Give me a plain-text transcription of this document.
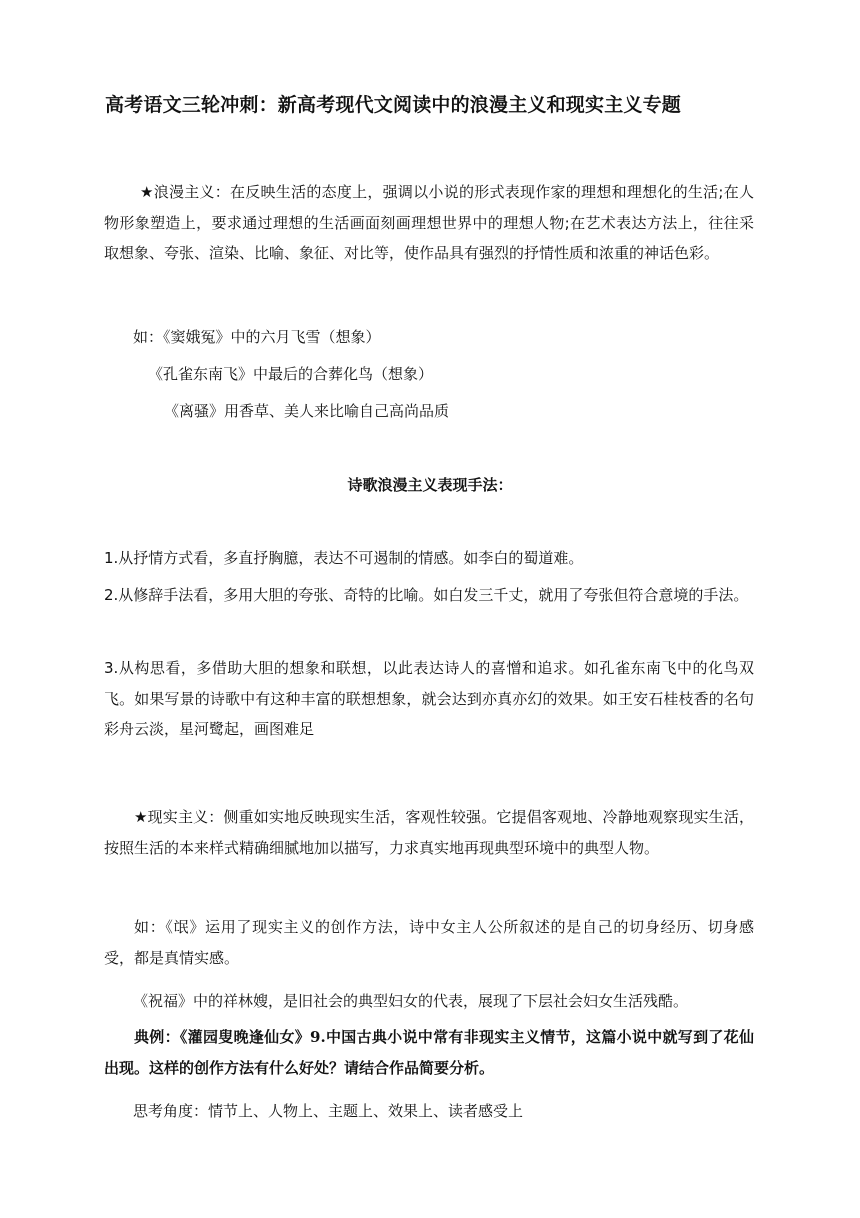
高考语文三轮冲刺：新高考现代文阅读中的浪漫主义和现实主义专题

★浪漫主义：在反映生活的态度上，强调以小说的形式表现作家的理想和理想化的生活;在人物形象塑造上，要求通过理想的生活画面刻画理想世界中的理想人物;在艺术表达方法上，往往采取想象、夸张、渲染、比喻、象征、对比等，使作品具有强烈的抒情性质和浓重的神话色彩。

如：《窦娥冤》中的六月飞雪（想象）

《孔雀东南飞》中最后的合葬化鸟（想象）

《离骚》用香草、美人来比喻自己高尚品质

诗歌浪漫主义表现手法：

1.从抒情方式看，多直抒胸臆，表达不可遏制的情感。如李白的蜀道难。

2.从修辞手法看，多用大胆的夸张、奇特的比喻。如白发三千丈，就用了夸张但符合意境的手法。

3.从构思看，多借助大胆的想象和联想，以此表达诗人的喜憎和追求。如孔雀东南飞中的化鸟双飞。如果写景的诗歌中有这种丰富的联想想象，就会达到亦真亦幻的效果。如王安石桂枝香的名句彩舟云淡，星河鹭起，画图难足

★现实主义：侧重如实地反映现实生活，客观性较强。它提倡客观地、冷静地观察现实生活，按照生活的本来样式精确细腻地加以描写，力求真实地再现典型环境中的典型人物。

如：《氓》运用了现实主义的创作方法，诗中女主人公所叙述的是自己的切身经历、切身感受，都是真情实感。

《祝福》中的祥林嫂，是旧社会的典型妇女的代表，展现了下层社会妇女生活残酷。

典例：《灌园叟晚逢仙女》9.中国古典小说中常有非现实主义情节，这篇小说中就写到了花仙出现。这样的创作方法有什么好处？请结合作品简要分析。

思考角度：情节上、人物上、主题上、效果上、读者感受上
